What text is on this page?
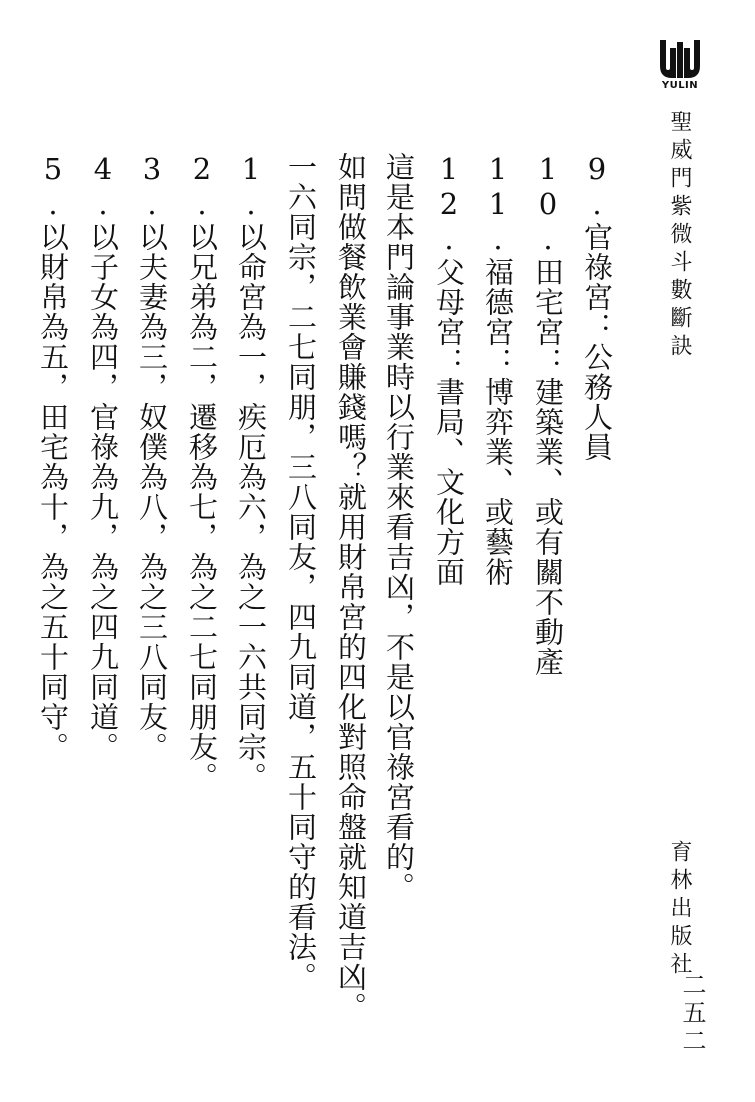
YULIN
聖威門紫微斗數斷訣
9.官祿宮：公務人員
10.田宅宮：建築業、或有關不動產
11.福德宮：博弈業、或藝術
12.父母宮：書局、文化方面
這是本門論事業時以行業來看吉凶，不是以官祿宮看的。
如問做餐飲業會賺錢嗎？就用財帛宮的四化對照命盤就知道吉凶。
一六同宗，二七同朋，三八同友，四九同道，五十同守的看法。
1.以命宮為一，疾厄為六，為之一六共同宗。
2.以兄弟為二，遷移為七，為之二七同朋友。
3.以夫妻為三，奴僕為八，為之三八同友。
4.以子女為四，官祿為九，為之四九同道。
5.以財帛為五，田宅為十，為之五十同守。
育林出版社
二五二
